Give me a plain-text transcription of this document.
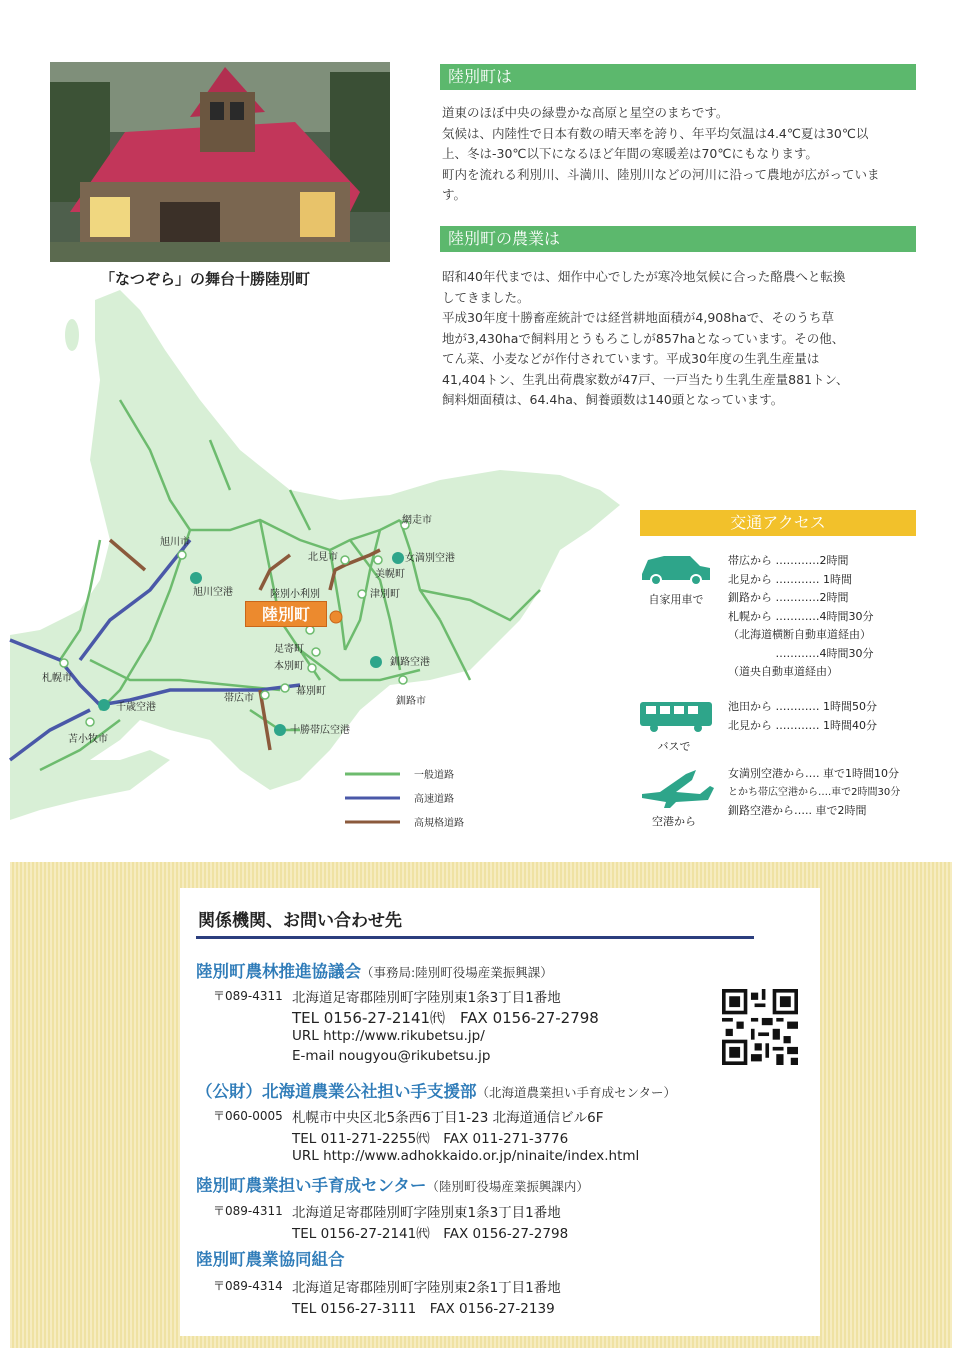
「なつぞら」の舞台十勝陸別町
陸別町は

道東のほぼ中央の緑豊かな高原と星空のまちです。

気候は、内陸性で日本有数の晴天率を誇り、年平均気温は4.4℃夏は30℃以

上、冬は-30℃以下になるほど年間の寒暖差は70℃にもなります。

町内を流れる利別川、斗満川、陸別川などの河川に沿って農地が広がっていま

す。

陸別町の農業は

昭和40年代までは、畑作中心でしたが寒冷地気候に合った酪農へと転換

してきました。

平成30年度十勝畜産統計では経営耕地面積が4,908haで、そのうち草

地が3,430haで飼料用とうもろこしが857haとなっています。その他、

てん菜、小麦などが作付されています。平成30年度の生乳生産量は

41,404トン、生乳出荷農家数が47戸、一戸当たり生乳生産量881トン、

飼料畑面積は、64.4ha、飼養頭数は140頭となっています。

網走市
旭川市
旭川空港
北見市	女満別空港
美幌町
津別町
陸別小利別
足寄町
本別町
幕別町
帯広市
十勝帯広空港
釧路空港
釧路市
札幌市
千歳空港
苫小牧市
一般道路
高速道路
高規格道路
陸別町
交通アクセス
自家用車で
帯広から …………2時間
北見から ………… 1時間
釧路から …………2時間
札幌から …………4時間30分
（北海道横断自動車道経由）
　　　　 …………4時間30分
（道央自動車道経由）
バスで
池田から ………… 1時間50分
北見から ………… 1時間40分
空港から
女満別空港から…. 車で1時間10分
とかち帯広空港から….車で2時間30分
釧路空港から….. 車で2時間
関係機関、お問い合わせ先
陸別町農林推進協議会（事務局:陸別町役場産業振興課）
〒089-4311 北海道足寄郡陸別町字陸別東1条3丁目1番地
TEL 0156-27-2141㈹　FAX 0156-27-2798
URL http://www.rikubetsu.jp/
E-mail nougyou@rikubetsu.jp
（公財）北海道農業公社担い手支援部（北海道農業担い手育成センター）
〒060-0005 札幌市中央区北5条西6丁目1-23 北海道通信ビル6F
TEL 011-271-2255㈹　FAX 011-271-3776
URL http://www.adhokkaido.or.jp/ninaite/index.html
陸別町農業担い手育成センター（陸別町役場産業振興課内）
〒089-4311 北海道足寄郡陸別町字陸別東1条3丁目1番地
TEL 0156-27-2141㈹　FAX 0156-27-2798
陸別町農業協同組合
〒089-4314 北海道足寄郡陸別町字陸別東2条1丁目1番地
TEL 0156-27-3111　FAX 0156-27-2139
